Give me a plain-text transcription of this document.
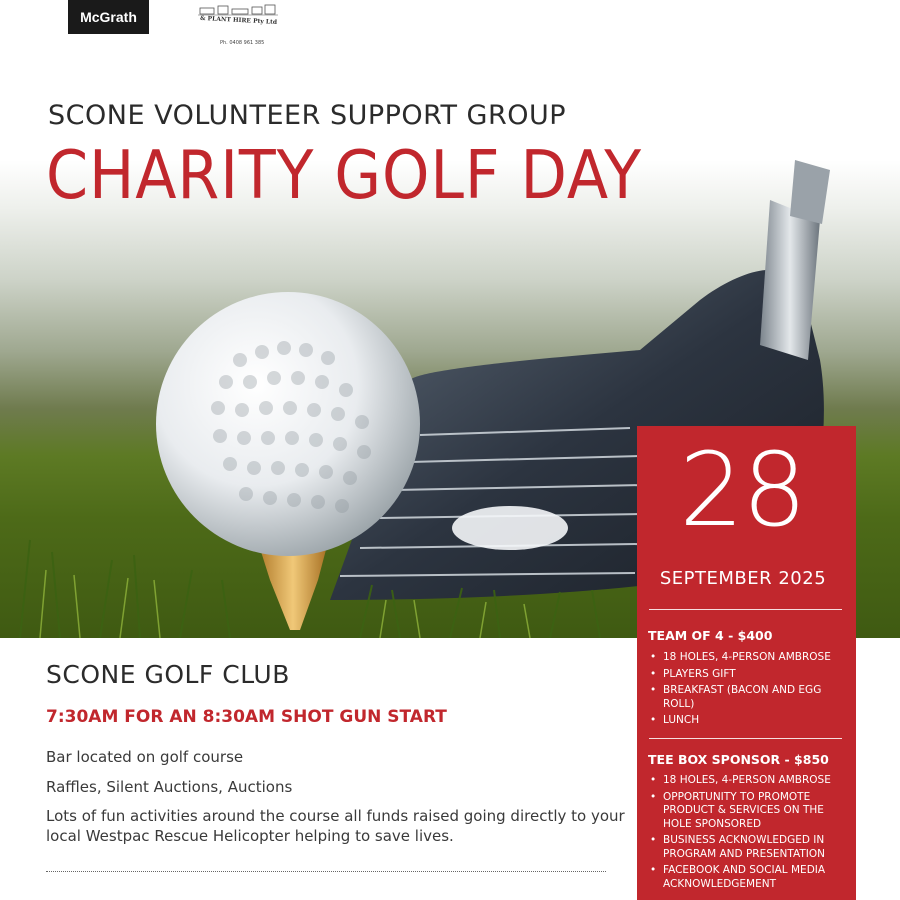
McGrath	& PLANT HIRE Pty Ltd
Ph. 0408 961 385
SCONE VOLUNTEER SUPPORT GROUP
CHARITY GOLF DAY
28
SEPTEMBER 2025
TEAM OF 4 - $400
• 18 HOLES, 4-PERSON AMBROSE
• PLAYERS GIFT
• BREAKFAST (BACON AND EGG ROLL)
• LUNCH
TEE BOX SPONSOR - $850
• 18 HOLES, 4-PERSON AMBROSE
• OPPORTUNITY TO PROMOTE PRODUCT & SERVICES ON THE HOLE SPONSORED
• BUSINESS ACKNOWLEDGED IN PROGRAM AND PRESENTATION
• FACEBOOK AND SOCIAL MEDIA ACKNOWLEDGEMENT
SCONE GOLF CLUB
7:30AM FOR AN 8:30AM SHOT GUN START
Bar located on golf course
Raffles, Silent Auctions, Auctions
Lots of fun activities around the course all funds raised going directly to your local Westpac Rescue Helicopter helping to save lives.
